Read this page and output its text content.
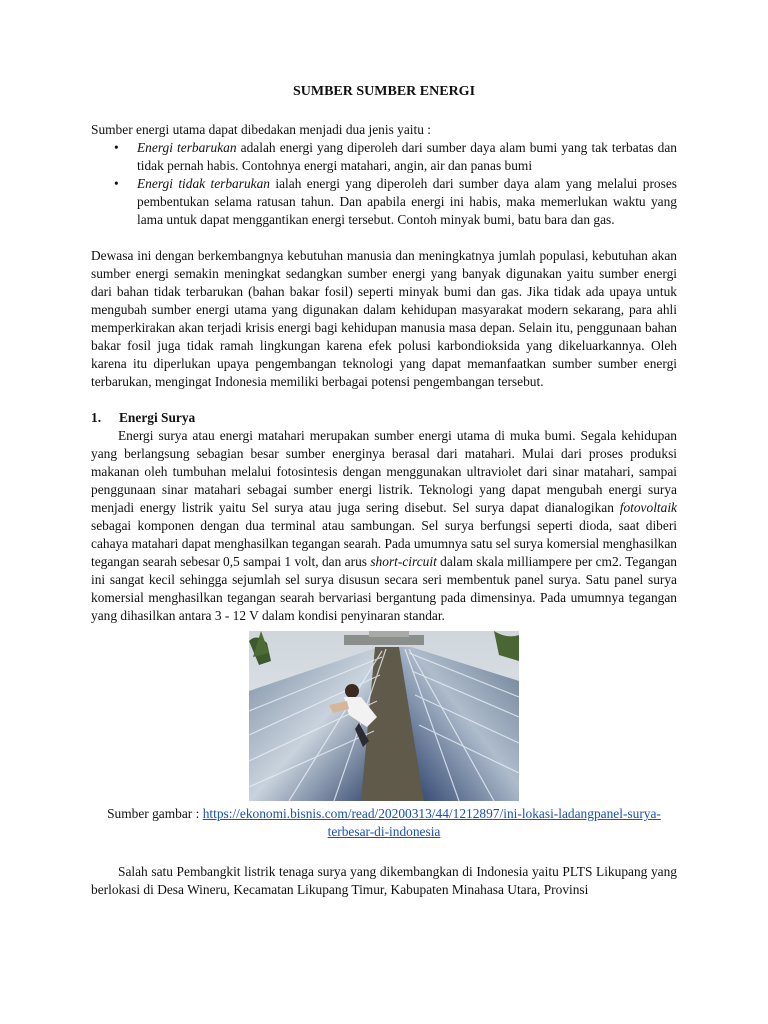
SUMBER SUMBER ENERGI

Sumber energi utama dapat dibedakan menjadi dua jenis yaitu :

• Energi terbarukan adalah energi yang diperoleh dari sumber daya alam bumi yang tak terbatas dan tidak pernah habis. Contohnya energi matahari, angin, air dan panas bumi
• Energi tidak terbarukan ialah energi yang diperoleh dari sumber daya alam yang melalui proses pembentukan selama ratusan tahun. Dan apabila energi ini habis, maka memerlukan waktu yang lama untuk dapat menggantikan energi tersebut. Contoh minyak bumi, batu bara dan gas.

Dewasa ini dengan berkembangnya kebutuhan manusia dan meningkatnya jumlah populasi, kebutuhan akan sumber energi semakin meningkat sedangkan sumber energi yang banyak digunakan yaitu sumber energi dari bahan tidak terbarukan (bahan bakar fosil) seperti minyak bumi dan gas. Jika tidak ada upaya untuk mengubah sumber energi utama yang digunakan dalam kehidupan masyarakat modern sekarang, para ahli memperkirakan akan terjadi krisis energi bagi kehidupan manusia masa depan. Selain itu, penggunaan bahan bakar fosil juga tidak ramah lingkungan karena efek polusi karbondioksida yang dikeluarkannya. Oleh karena itu diperlukan upaya pengembangan teknologi yang dapat memanfaatkan sumber sumber energi terbarukan, mengingat Indonesia memiliki berbagai potensi pengembangan tersebut.

1. Energi Surya

Energi surya atau energi matahari merupakan sumber energi utama di muka bumi. Segala kehidupan yang berlangsung sebagian besar sumber energinya berasal dari matahari. Mulai dari proses produksi makanan oleh tumbuhan melalui fotosintesis dengan menggunakan ultraviolet dari sinar matahari, sampai penggunaan sinar matahari sebagai sumber energi listrik. Teknologi yang dapat mengubah energi surya menjadi energy listrik yaitu Sel surya atau juga sering disebut. Sel surya dapat dianalogikan fotovoltaik sebagai komponen dengan dua terminal atau sambungan. Sel surya berfungsi seperti dioda, saat diberi cahaya matahari dapat menghasilkan tegangan searah. Pada umumnya satu sel surya komersial menghasilkan tegangan searah sebesar 0,5 sampai 1 volt, dan arus short-circuit dalam skala milliampere per cm2. Tegangan ini sangat kecil sehingga sejumlah sel surya disusun secara seri membentuk panel surya. Satu panel surya komersial menghasilkan tegangan searah bervariasi bergantung pada dimensinya. Pada umumnya tegangan yang dihasilkan antara 3 - 12 V dalam kondisi penyinaran standar.

Sumber gambar : https://ekonomi.bisnis.com/read/20200313/44/1212897/ini-lokasi-ladangpanel-surya-terbesar-di-indonesia

Salah satu Pembangkit listrik tenaga surya yang dikembangkan di Indonesia yaitu PLTS Likupang yang berlokasi di Desa Wineru, Kecamatan Likupang Timur, Kabupaten Minahasa Utara, Provinsi
